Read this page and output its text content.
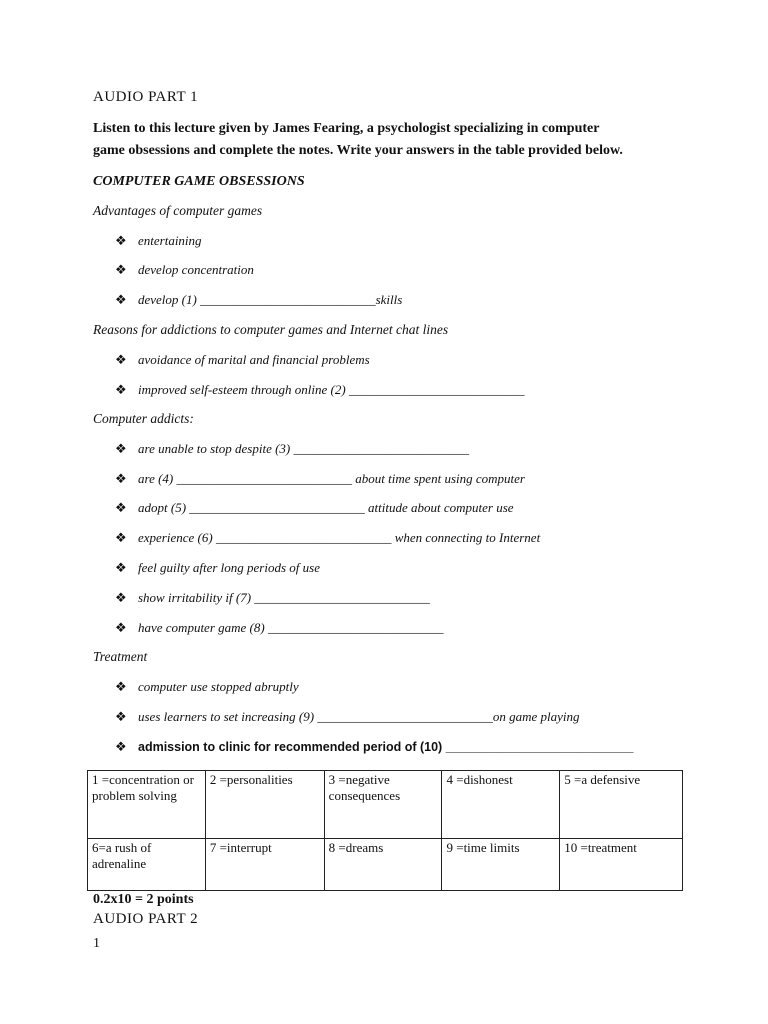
AUDIO PART 1
Listen to this lecture given by James Fearing, a psychologist specializing in computer
game obsessions and complete the notes. Write your answers in the table provided below.
COMPUTER GAME OBSESSIONS
Advantages of computer games
❖ entertaining
❖ develop concentration
❖ develop (1) ___________________________skills
Reasons for addictions to computer games and Internet chat lines
❖ avoidance of marital and financial problems
❖ improved self-esteem through online (2) ___________________________
Computer addicts:
❖ are unable to stop despite (3) ___________________________
❖ are (4) ___________________________ about time spent using computer
❖ adopt (5) ___________________________ attitude about computer use
❖ experience (6) ___________________________ when connecting to Internet
❖ feel guilty after long periods of use
❖ show irritability if (7) ___________________________
❖ have computer game (8) ___________________________
Treatment
❖ computer use stopped abruptly
❖ uses learners to set increasing (9) ___________________________on game playing
❖ admission to clinic for recommended period of (10) ___________________________
1 =concentration or problem solving	2 =personalities	3 =negative consequences	4 =dishonest	5 =a defensive
6=a rush of adrenaline	7 =interrupt	8 =dreams	9 =time limits	10 =treatment
0.2x10 = 2 points
AUDIO PART 2
1
